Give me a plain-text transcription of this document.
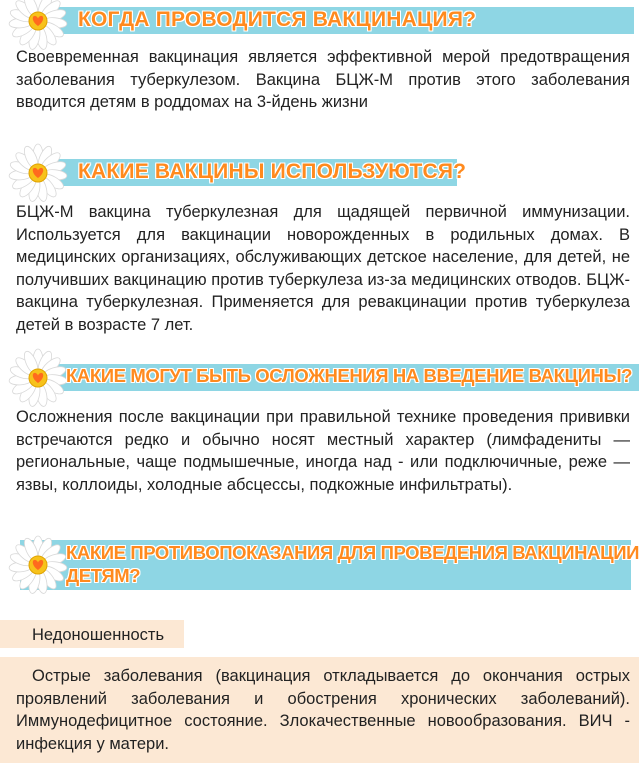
КОГДА ПРОВОДИТСЯ ВАКЦИНАЦИЯ?
Своевременная вакцинация является эффективной мерой предотвращения заболевания туберкулезом. Вакцина БЦЖ-М против этого заболевания вводится детям в роддомах на 3-йдень жизни
КАКИЕ ВАКЦИНЫ ИСПОЛЬЗУЮТСЯ?
БЦЖ-М вакцина туберкулезная для щадящей первичной иммунизации. Используется для вакцинации новорожденных в родильных домах. В медицинских организациях, обслуживающих детское население, для детей, не получивших вакцинацию против туберкулеза из-за медицинских отводов. БЦЖ- вакцина туберкулезная. Применяется для ревакцинации против туберкулеза детей в возрасте 7 лет.
КАКИЕ МОГУТ БЫТЬ ОСЛОЖНЕНИЯ НА ВВЕДЕНИЕ ВАКЦИНЫ?
Осложнения после вакцинации при правильной технике проведения прививки встречаются редко и обычно носят местный характер (лимфадениты — региональные, чаще подмышечные, иногда над - или подключичные, реже — язвы, коллоиды, холодные абсцессы, подкожные инфильтраты).
КАКИЕ ПРОТИВОПОКАЗАНИЯ ДЛЯ ПРОВЕДЕНИЯ ВАКЦИНАЦИИ
ДЕТЯМ?
Недоношенность
Острые заболевания (вакцинация откладывается до окончания острых проявлений заболевания и обострения хронических заболеваний). Иммунодефицитное состояние. Злокачественные новообразования. ВИЧ - инфекция у матери.
